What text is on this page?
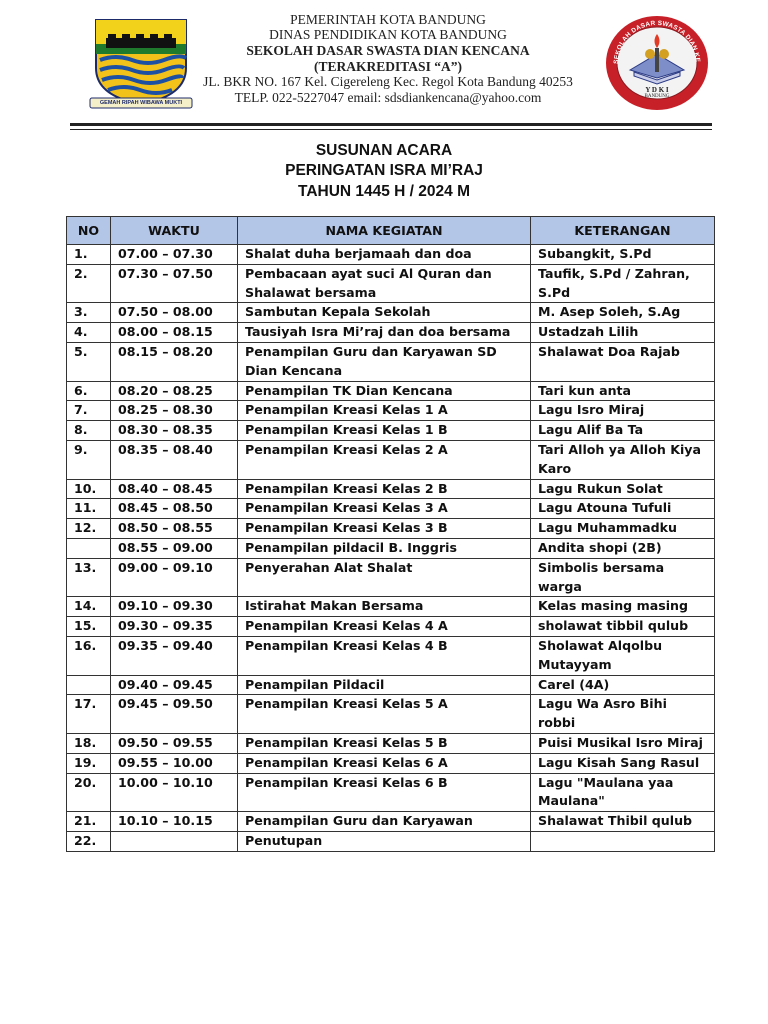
GEMAH RIPAH WIBAWA MUKTI
PEMERINTAH KOTA BANDUNG
DINAS PENDIDIKAN KOTA BANDUNG
SEKOLAH DASAR SWASTA DIAN KENCANA
(TERAKREDITASI “A”)
JL. BKR NO. 167 Kel. Cigereleng Kec. Regol Kota Bandung 40253
TELP. 022-5227047 email: sdsdiankencana@yahoo.com
SEKOLAH DASAR SWASTA DIAN KE
Y D K I
BANDUNG
SUSUNAN ACARA
PERINGATAN ISRA MI’RAJ
TAHUN 1445 H / 2024 M
NO	WAKTU	NAMA KEGIATAN	KETERANGAN
1.	07.00 – 07.30	Shalat duha berjamaah dan doa	Subangkit, S.Pd
2.	07.30 – 07.50	Pembacaan ayat suci Al Quran dan Shalawat bersama	Taufik, S.Pd / Zahran, S.Pd
3.	07.50 – 08.00	Sambutan Kepala Sekolah	M. Asep Soleh, S.Ag
4.	08.00 – 08.15	Tausiyah Isra Mi’raj dan doa bersama	Ustadzah Lilih
5.	08.15 – 08.20	Penampilan Guru dan Karyawan SD Dian Kencana	Shalawat Doa Rajab
6.	08.20 – 08.25	Penampilan TK Dian Kencana	Tari kun anta
7.	08.25 – 08.30	Penampilan Kreasi Kelas 1 A	Lagu Isro Miraj
8.	08.30 – 08.35	Penampilan Kreasi Kelas 1 B	Lagu Alif Ba Ta
9.	08.35 – 08.40	Penampilan Kreasi Kelas 2 A	Tari Alloh ya Alloh Kiya Karo
10.	08.40 – 08.45	Penampilan Kreasi Kelas 2 B	Lagu Rukun Solat
11.	08.45 – 08.50	Penampilan Kreasi Kelas 3 A	Lagu Atouna Tufuli
12.	08.50 – 08.55	Penampilan Kreasi Kelas 3 B	Lagu Muhammadku
	08.55 – 09.00	Penampilan pildacil B. Inggris	Andita shopi (2B)
13.	09.00 – 09.10	Penyerahan Alat Shalat	Simbolis bersama warga
14.	09.10 – 09.30	Istirahat Makan Bersama	Kelas masing masing
15.	09.30 – 09.35	Penampilan Kreasi Kelas 4 A	sholawat tibbil qulub
16.	09.35 – 09.40	Penampilan Kreasi Kelas 4 B	Sholawat Alqolbu Mutayyam
	09.40 – 09.45	Penampilan Pildacil	Carel (4A)
17.	09.45 – 09.50	Penampilan Kreasi Kelas 5 A	Lagu Wa Asro Bihi robbi
18.	09.50 – 09.55	Penampilan Kreasi Kelas 5 B	Puisi Musikal Isro Miraj
19.	09.55 – 10.00	Penampilan Kreasi Kelas 6 A	Lagu Kisah Sang Rasul
20.	10.00 – 10.10	Penampilan Kreasi Kelas 6 B	Lagu "Maulana yaa Maulana"
21.	10.10 – 10.15	Penampilan Guru dan Karyawan	Shalawat Thibil qulub
22.		Penutupan	
